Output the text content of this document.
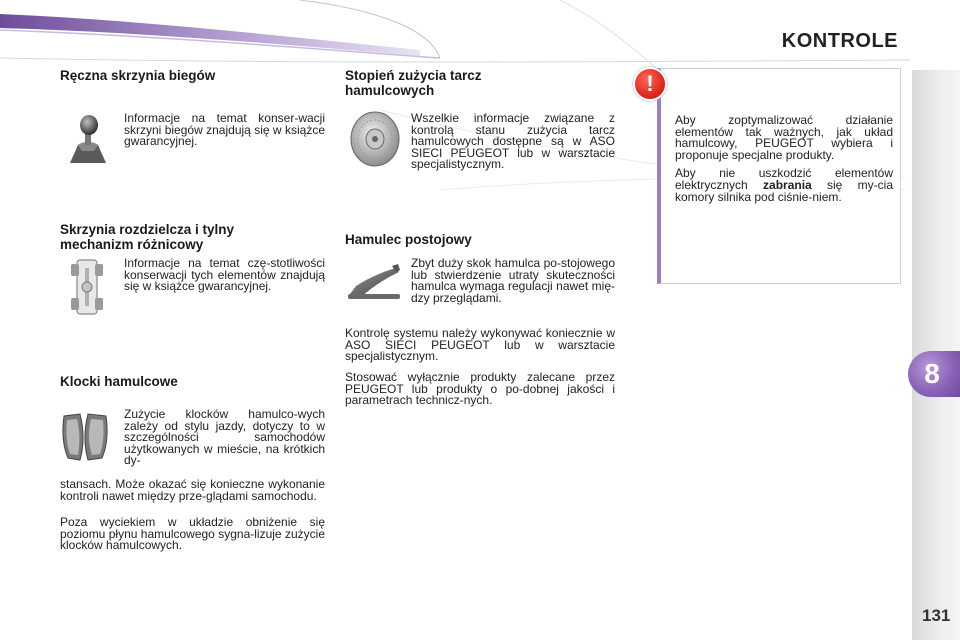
KONTROLE
8
131
Ręczna skrzynia biegów

Informacje na temat konser-wacji skrzyni biegów znajdują się w książce gwarancyjnej.

Skrzynia rozdzielcza i tylny
mechanizm różnicowy

Informacje na temat czę-stotliwości konserwacji tych elementów znajdują się w książce gwarancyjnej.

Klocki hamulcowe

Zużycie klocków hamulco-wych zależy od stylu jazdy, dotyczy to w szczególności samochodów użytkowanych w mieście, na krótkich dy-

stansach. Może okazać się konieczne wykonanie kontroli nawet między prze-glądami samochodu.

Poza wyciekiem w układzie obniżenie się poziomu płynu hamulcowego sygna-lizuje zużycie klocków hamulcowych.

Stopień zużycia tarcz
hamulcowych

Wszelkie informacje związane z kontrolą stanu zużycia tarcz hamulcowych dostępne są w ASO SIECI PEUGEOT lub w warsztacie specjalistycznym.

Hamulec postojowy

Zbyt duży skok hamulca po-stojowego lub stwierdzenie utraty skuteczności hamulca wymaga regulacji nawet mię-dzy przeglądami.

Kontrolę systemu należy wykonywać koniecznie w ASO SIECI PEUGEOT lub w warsztacie specjalistycznym.

Stosować wyłącznie produkty zalecane przez PEUGEOT lub produkty o po-dobnej jakości i parametrach technicz-nych.

Aby zoptymalizować działanie elementów tak ważnych, jak układ hamulcowy, PEUGEOT wybiera i proponuje specjalne produkty.

Aby nie uszkodzić elementów elektrycznych zabrania się my-cia komory silnika pod ciśnie-niem.

!
